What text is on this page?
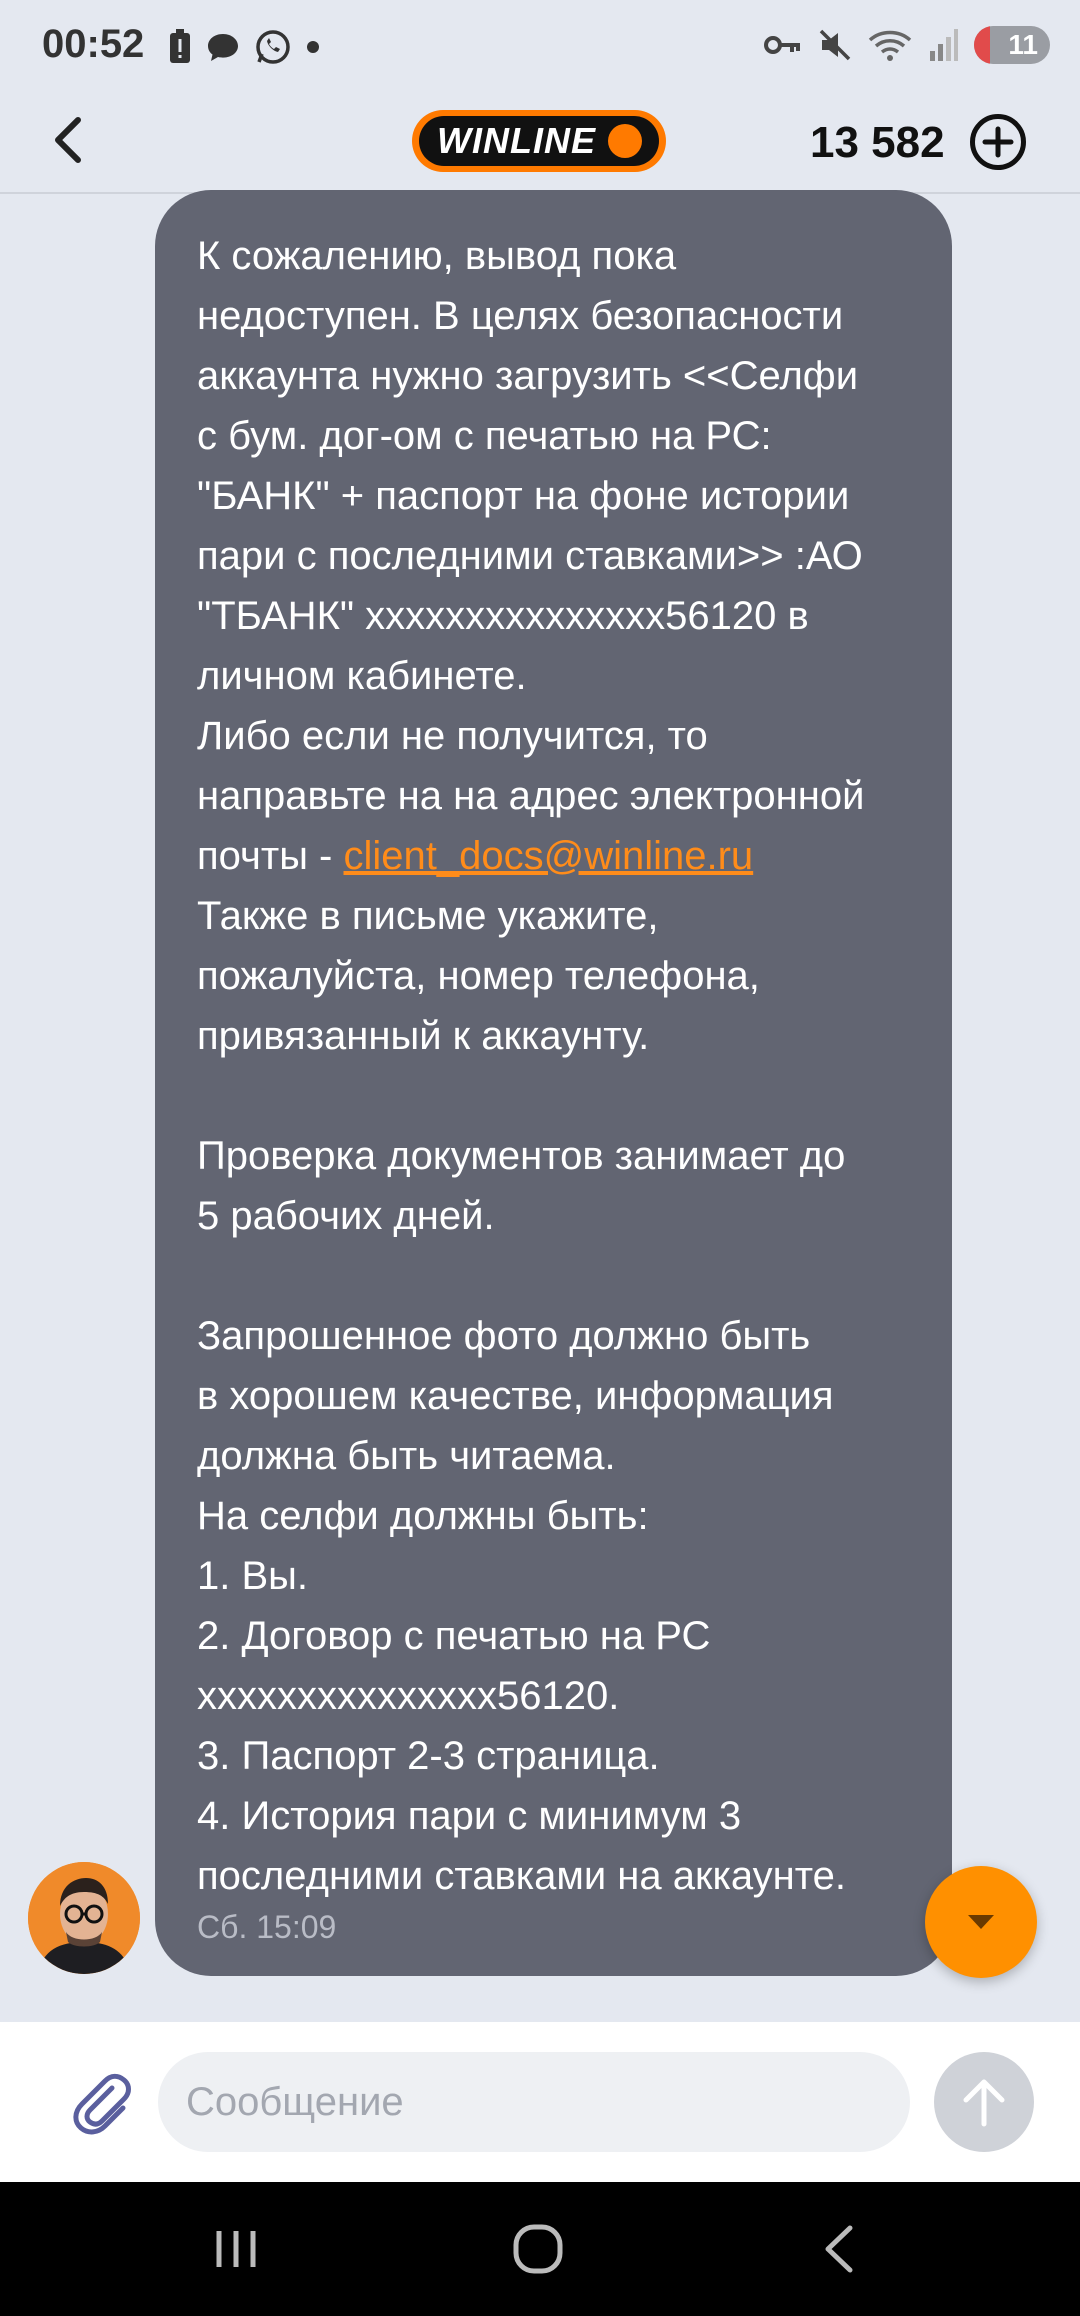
00:52	11
WINLINE	13 582

К сожалению, вывод пока
недоступен. В целях безопасности
аккаунта нужно загрузить <<Селфи
с бум. дог-ом с печатью на РС:
"БАНК" + паспорт на фоне истории
пари с последними ставками>> :АО
"ТБАНК" xxxxxxxxxxxxxxx56120 в
личном кабинете.
Либо если не получится, то
направьте на на адрес электронной
почты - client_docs@winline.ru
Также в письме укажите,
пожалуйста, номер телефона,
привязанный к аккаунту.

Проверка документов занимает до
5 рабочих дней.

Запрошенное фото должно быть
в хорошем качестве, информация
должна быть читаема.
На селфи должны быть:
1. Вы.
2. Договор с печатью на РС
xxxxxxxxxxxxxxx56120.
3. Паспорт 2-3 страница.
4. История пари с минимум 3
последними ставками на аккаунте.

Сб. 15:09
Сообщение
